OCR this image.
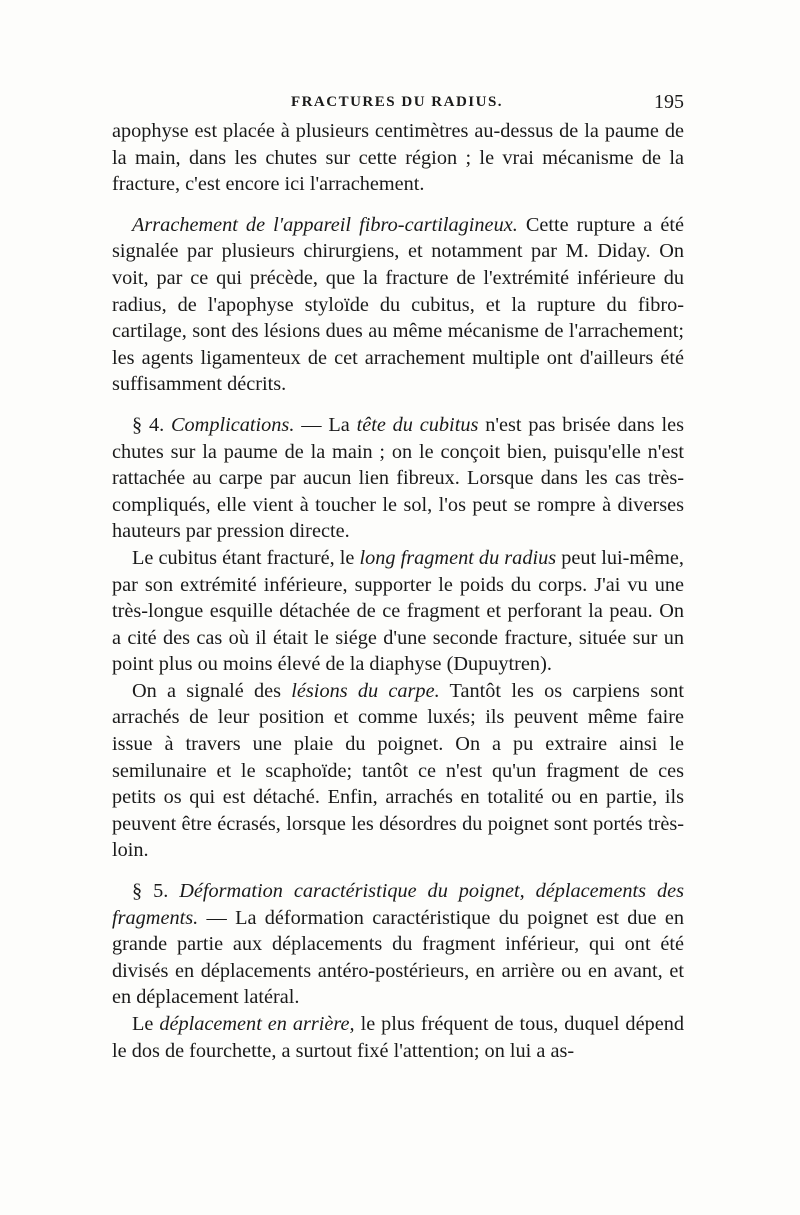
FRACTURES DU RADIUS.	195

apophyse est placée à plusieurs centimètres au-dessus de la paume de la main, dans les chutes sur cette région ; le vrai mécanisme de la fracture, c'est encore ici l'arrachement.

Arrachement de l'appareil fibro-cartilagineux. Cette rupture a été signalée par plusieurs chirurgiens, et notamment par M. Diday. On voit, par ce qui précède, que la fracture de l'extrémité inférieure du radius, de l'apophyse styloïde du cubitus, et la rupture du fibro-cartilage, sont des lésions dues au même mécanisme de l'arrachement; les agents ligamenteux de cet arrachement multiple ont d'ailleurs été suffisamment décrits.

§ 4. Complications. — La tête du cubitus n'est pas brisée dans les chutes sur la paume de la main ; on le conçoit bien, puisqu'elle n'est rattachée au carpe par aucun lien fibreux. Lorsque dans les cas très-compliqués, elle vient à toucher le sol, l'os peut se rompre à diverses hauteurs par pression directe.

Le cubitus étant fracturé, le long fragment du radius peut lui-même, par son extrémité inférieure, supporter le poids du corps. J'ai vu une très-longue esquille détachée de ce fragment et perforant la peau. On a cité des cas où il était le siége d'une seconde fracture, située sur un point plus ou moins élevé de la diaphyse (Dupuytren).

On a signalé des lésions du carpe. Tantôt les os carpiens sont arrachés de leur position et comme luxés; ils peuvent même faire issue à travers une plaie du poignet. On a pu extraire ainsi le semilunaire et le scaphoïde; tantôt ce n'est qu'un fragment de ces petits os qui est détaché. Enfin, arrachés en totalité ou en partie, ils peuvent être écrasés, lorsque les désordres du poignet sont portés très-loin.

§ 5. Déformation caractéristique du poignet, déplacements des fragments. — La déformation caractéristique du poignet est due en grande partie aux déplacements du fragment inférieur, qui ont été divisés en déplacements antéro-postérieurs, en arrière ou en avant, et en déplacement latéral.

Le déplacement en arrière, le plus fréquent de tous, duquel dépend le dos de fourchette, a surtout fixé l'attention; on lui a as-
